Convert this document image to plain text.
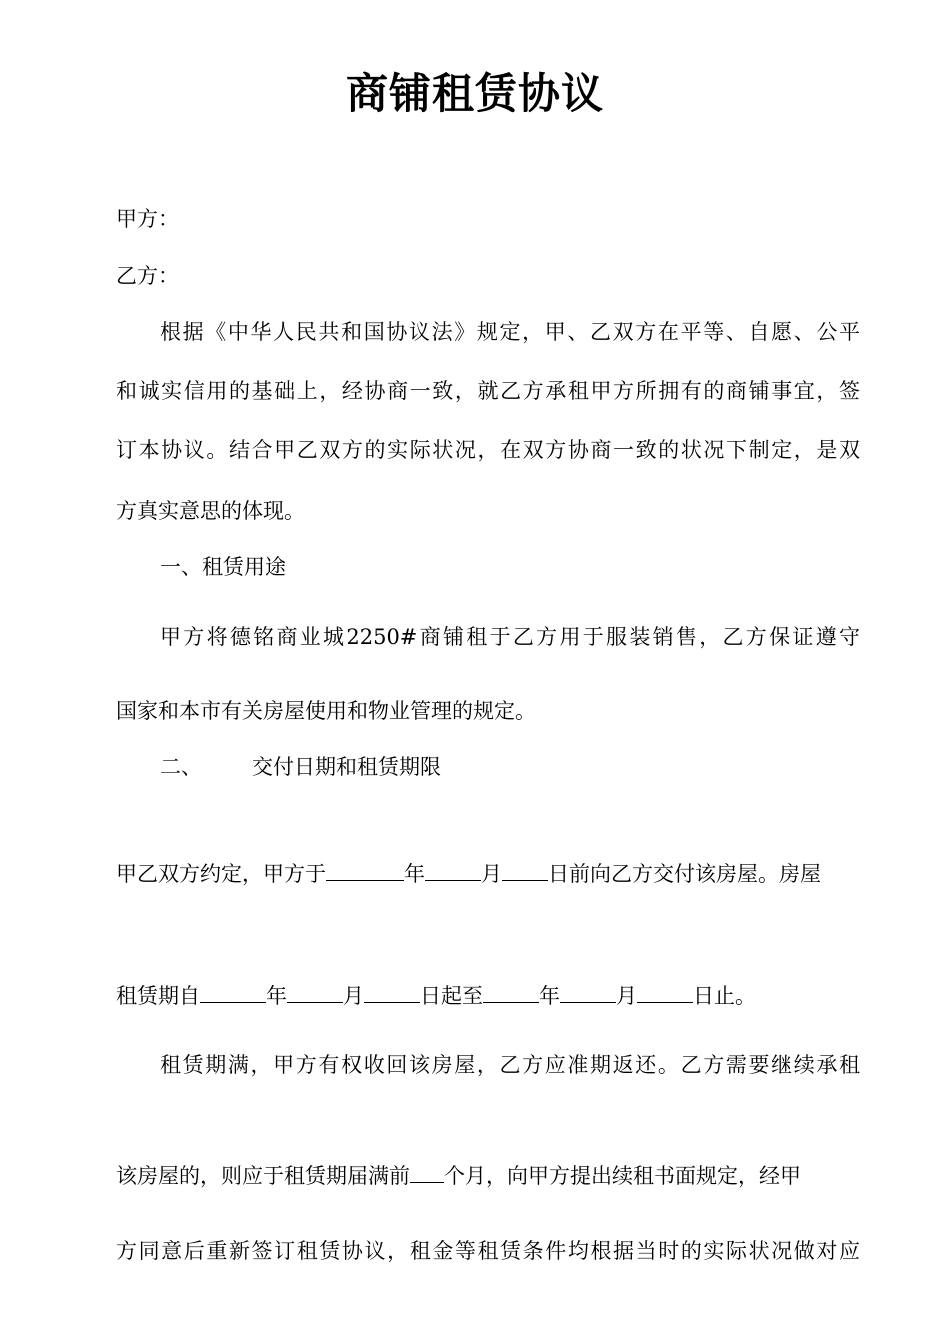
商铺租赁协议
甲方：
乙方：
根据《中华人民共和国协议法》规定，甲、乙双方在平等、自愿、公平
和诚实信用的基础上，经协商一致，就乙方承租甲方所拥有的商铺事宜，签
订本协议。结合甲乙双方的实际状况，在双方协商一致的状况下制定，是双
方真实意思的体现。
一、租赁用途
甲方将德铭商业城2250#商铺租于乙方用于服装销售，乙方保证遵守
国家和本市有关房屋使用和物业管理的规定。
二、 交付日期和租赁期限
甲乙双方约定，甲方于	年	月 日前向乙方交付该房屋。房屋
租赁期自	年	月	日起至	年	月	日止。
租赁期满，甲方有权收回该房屋，乙方应准期返还。乙方需要继续承租
该房屋的，则应于租赁期届满前 个月，向甲方提出续租书面规定，经甲
方同意后重新签订租赁协议，租金等租赁条件均根据当时的实际状况做对应
